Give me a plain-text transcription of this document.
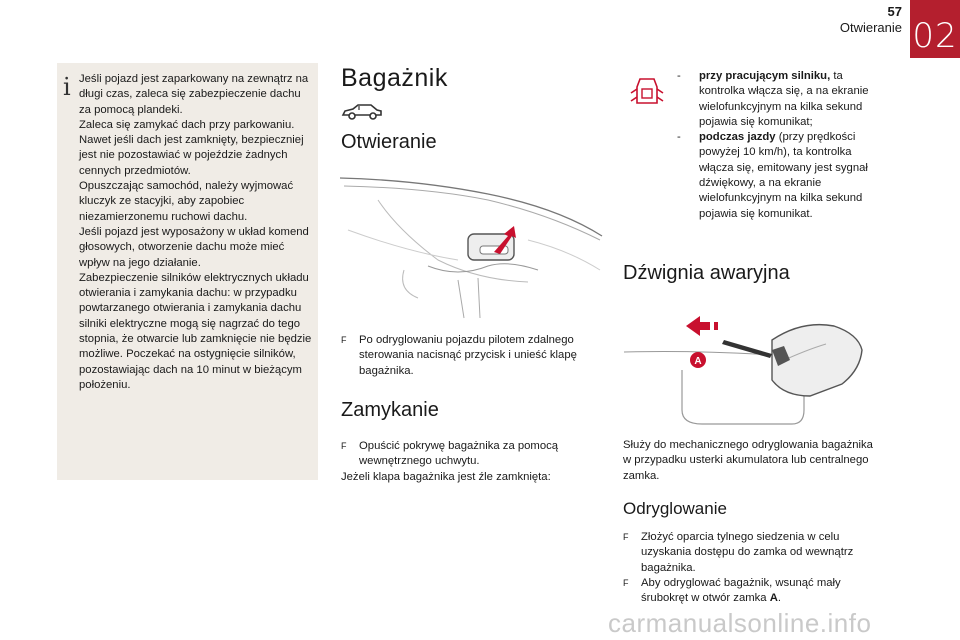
57
Otwieranie 02
i Jeśli pojazd jest zaparkowany na zewnątrz na długi czas, zaleca się zabezpieczenie dachu za pomocą plandeki.
Zaleca się zamykać dach przy parkowaniu. Nawet jeśli dach jest zamknięty, bezpieczniej jest nie pozostawiać w pojeździe żadnych cennych przedmiotów.
Opuszczając samochód, należy wyjmować kluczyk ze stacyjki, aby zapobiec niezamierzonemu ruchowi dachu.
Jeśli pojazd jest wyposażony w układ komend głosowych, otworzenie dachu może mieć wpływ na jego działanie.
Zabezpieczenie silników elektrycznych układu otwierania i zamykania dachu: w przypadku powtarzanego otwierania i zamykania dachu silniki elektryczne mogą się nagrzać do tego stopnia, że otwarcie lub zamknięcie nie będzie możliwe. Poczekać na ostygnięcie silników, pozostawiając dach na 10 minut w bieżącym położeniu.
Bagażnik
Otwieranie
F	Po odryglowaniu pojazdu pilotem zdalnego sterowania nacisnąć przycisk i unieść klapę bagażnika.
Zamykanie
F	Opuścić pokrywę bagażnika za pomocą wewnętrznego uchwytu.
Jeżeli klapa bagażnika jest źle zamknięta:
-	przy pracującym silniku, ta kontrolka włącza się, a na ekranie wielofunkcyjnym na kilka sekund pojawia się komunikat;
-	podczas jazdy (przy prędkości powyżej 10 km/h), ta kontrolka włącza się, emitowany jest sygnał dźwiękowy, a na ekranie wielofunkcyjnym na kilka sekund pojawia się komunikat.
Dźwignia awaryjna
A
Służy do mechanicznego odryglowania bagażnika w przypadku usterki akumulatora lub centralnego zamka.
Odryglowanie
F	Złożyć oparcia tylnego siedzenia w celu uzyskania dostępu do zamka od wewnątrz bagażnika.
F	Aby odryglować bagażnik, wsunąć mały śrubokręt w otwór zamka A.
carmanualsonline.info
